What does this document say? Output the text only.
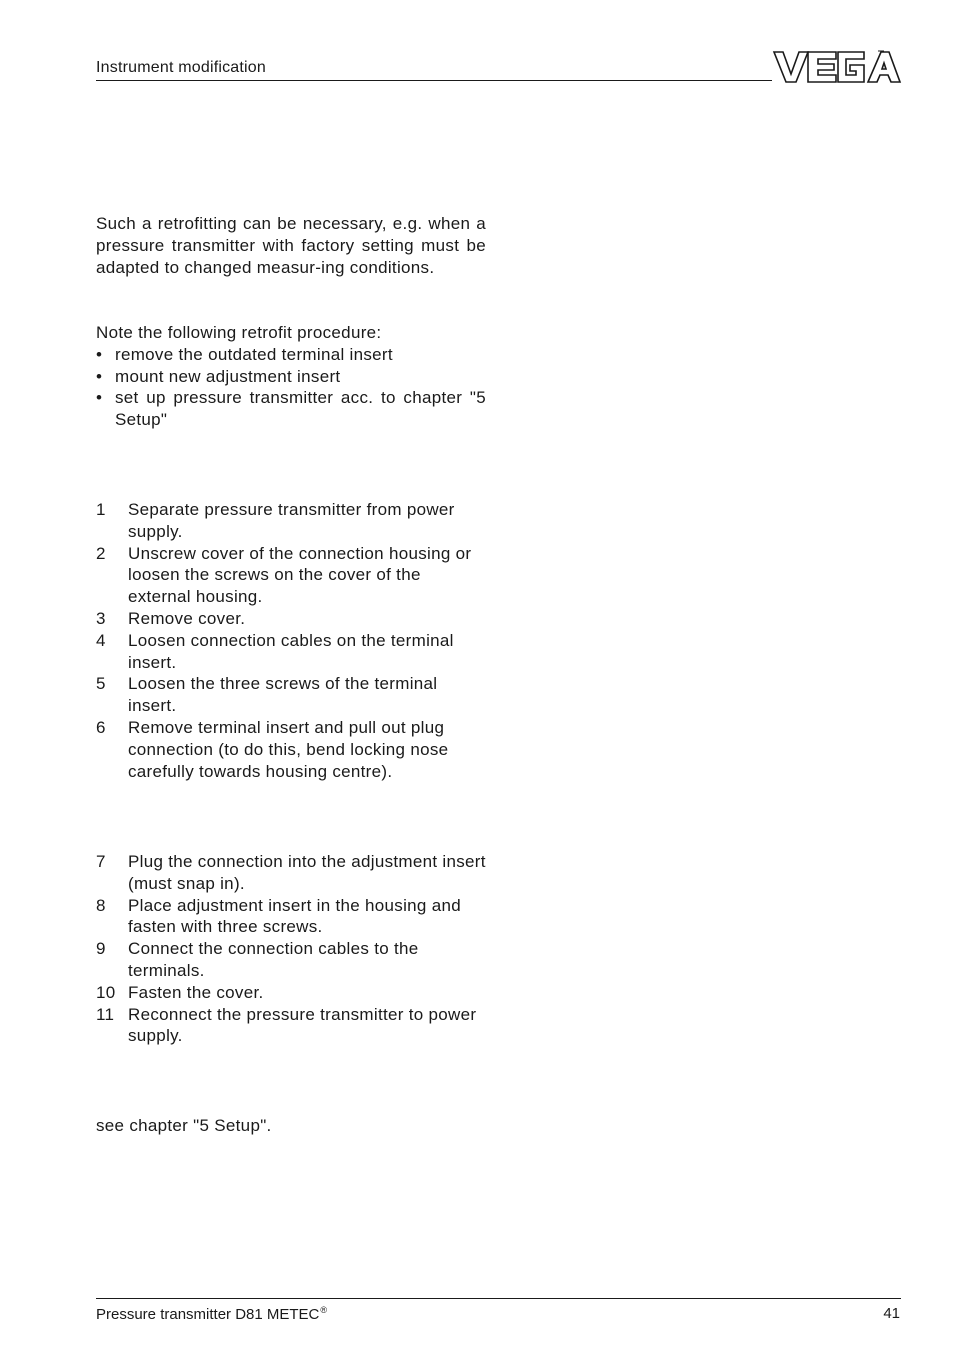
Instrument modification
Such a retrofitting can be necessary, e.g. when a pressure transmitter with factory setting must be adapted to changed measur-ing conditions.
Note the following retrofit procedure:
• remove the outdated terminal insert
• mount new adjustment insert
• set up pressure transmitter acc. to chapter "5 Setup"
1 Separate pressure transmitter from power supply.
2 Unscrew cover of the connection housing or loosen the screws on the cover of the external housing.
3 Remove cover.
4 Loosen connection cables on the terminal insert.
5 Loosen the three screws of the terminal insert.
6 Remove terminal insert and pull out plug connection (to do this, bend locking nose carefully towards housing centre).
7 Plug the connection into the adjustment insert (must snap in).
8 Place adjustment insert in the housing and fasten with three screws.
9 Connect the connection cables to the terminals.
10 Fasten the cover.
11 Reconnect the pressure transmitter to power supply.
see chapter "5 Setup".
Pressure transmitter D81 METEC®	41
